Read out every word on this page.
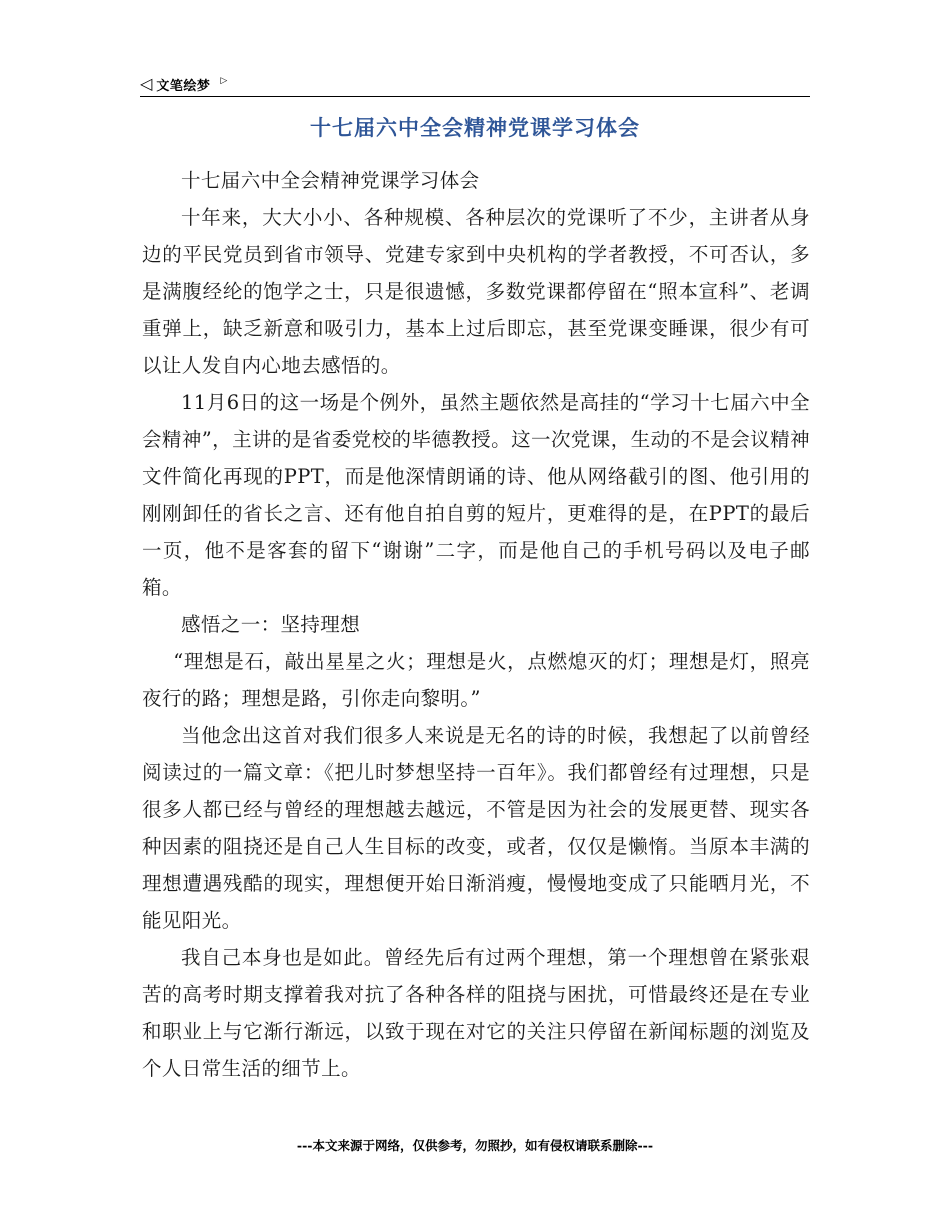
◁ 文笔绘梦 ▷
十七届六中全会精神党课学习体会

十七届六中全会精神党课学习体会

十年来，大大小小、各种规模、各种层次的党课听了不少，主讲者从身边的平民党员到省市领导、党建专家到中央机构的学者教授，不可否认，多是满腹经纶的饱学之士，只是很遗憾，多数党课都停留在“照本宣科”、老调重弹上，缺乏新意和吸引力，基本上过后即忘，甚至党课变睡课，很少有可以让人发自内心地去感悟的。

11月6日的这一场是个例外，虽然主题依然是高挂的“学习十七届六中全会精神”，主讲的是省委党校的毕德教授。这一次党课，生动的不是会议精神文件简化再现的PPT，而是他深情朗诵的诗、他从网络截引的图、他引用的刚刚卸任的省长之言、还有他自拍自剪的短片，更难得的是，在PPT的最后一页，他不是客套的留下“谢谢”二字，而是他自己的手机号码以及电子邮箱。

感悟之一：坚持理想

“理想是石，敲出星星之火；理想是火，点燃熄灭的灯；理想是灯，照亮夜行的路；理想是路，引你走向黎明。”

当他念出这首对我们很多人来说是无名的诗的时候，我想起了以前曾经阅读过的一篇文章：《把儿时梦想坚持一百年》。我们都曾经有过理想，只是很多人都已经与曾经的理想越去越远，不管是因为社会的发展更替、现实各种因素的阻挠还是自己人生目标的改变，或者，仅仅是懒惰。当原本丰满的理想遭遇残酷的现实，理想便开始日渐消瘦，慢慢地变成了只能晒月光，不能见阳光。

我自己本身也是如此。曾经先后有过两个理想，第一个理想曾在紧张艰苦的高考时期支撑着我对抗了各种各样的阻挠与困扰，可惜最终还是在专业和职业上与它渐行渐远，以致于现在对它的关注只停留在新闻标题的浏览及个人日常生活的细节上。

---本文来源于网络，仅供参考，勿照抄，如有侵权请联系删除---
